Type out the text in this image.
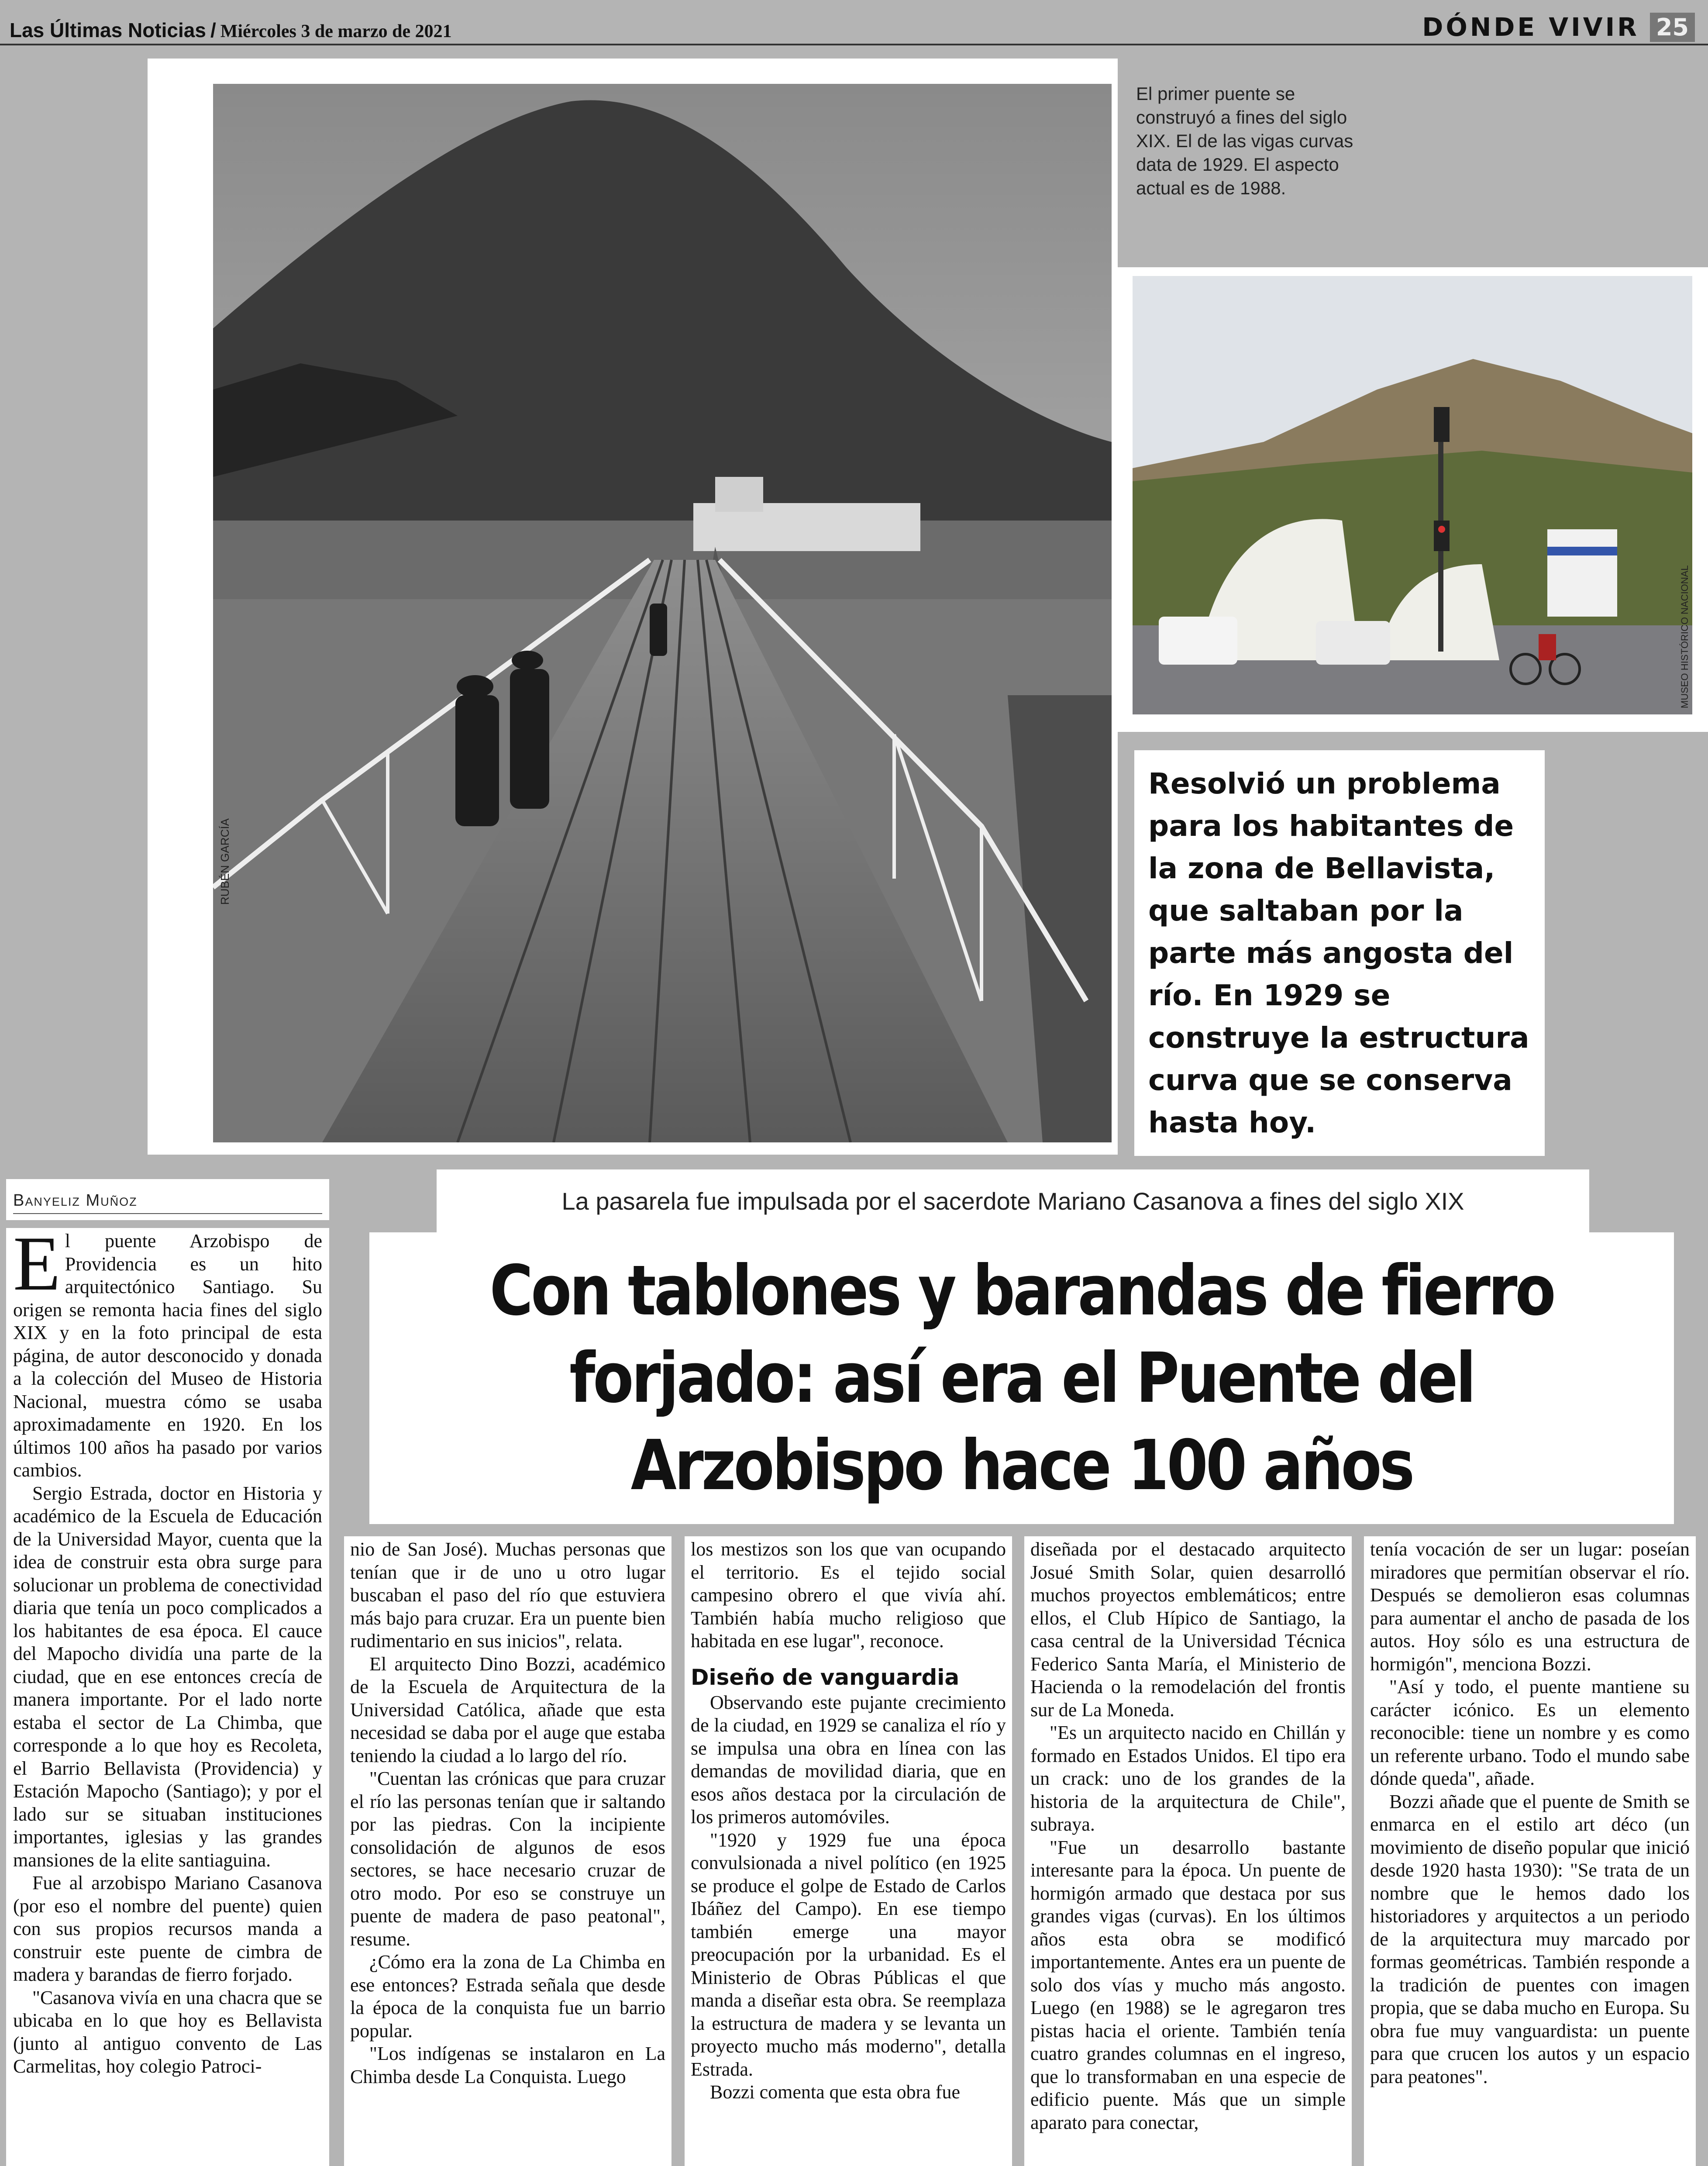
Las Últimas Noticias / Miércoles 3 de marzo de 2021	DÓNDE VIVIR 25
RUBÉN GARCÍA
El primer puente se construyó a fines del siglo XIX. El de las vigas curvas data de 1929. El aspecto actual es de 1988.
MUSEO HISTÓRICO NACIONAL
Resolvió un problema para los habitantes de la zona de Bellavista, que saltaban por la parte más angosta del río. En 1929 se construye la estructura curva que se conserva hasta hoy.
Banyeliz Muñoz	La pasarela fue impulsada por el sacerdote Mariano Casanova a fines del siglo XIX
Con tablones y barandas de fierro forjado: así era el Puente del Arzobispo hace 100 años

El puente Arzobispo de Providencia es un hito arquitectónico Santiago. Su origen se remonta hacia fines del siglo XIX y en la foto principal de esta página, de autor desconocido y donada a la colección del Museo de Historia Nacional, muestra cómo se usaba aproximadamente en 1920. En los últimos 100 años ha pasado por varios cambios.

Sergio Estrada, doctor en Historia y académico de la Escuela de Educación de la Universidad Mayor, cuenta que la idea de construir esta obra surge para solucionar un problema de conectividad diaria que tenía un poco complicados a los habitantes de esa época. El cauce del Mapocho dividía una parte de la ciudad, que en ese entonces crecía de manera importante. Por el lado norte estaba el sector de La Chimba, que corresponde a lo que hoy es Recoleta, el Barrio Bellavista (Providencia) y Estación Mapocho (Santiago); y por el lado sur se situaban instituciones importantes, iglesias y las grandes mansiones de la elite santiaguina.

Fue al arzobispo Mariano Casanova (por eso el nombre del puente) quien con sus propios recursos manda a construir este puente de cimbra de madera y barandas de fierro forjado.

"Casanova vivía en una chacra que se ubicaba en lo que hoy es Bellavista (junto al antiguo convento de Las Carmelitas, hoy colegio Patroci-

nio de San José). Muchas personas que tenían que ir de uno u otro lugar buscaban el paso del río que estuviera más bajo para cruzar. Era un puente bien rudimentario en sus inicios", relata.

El arquitecto Dino Bozzi, académico de la Escuela de Arquitectura de la Universidad Católica, añade que esta necesidad se daba por el auge que estaba teniendo la ciudad a lo largo del río.

"Cuentan las crónicas que para cruzar el río las personas tenían que ir saltando por las piedras. Con la incipiente consolidación de algunos de esos sectores, se hace necesario cruzar de otro modo. Por eso se construye un puente de madera de paso peatonal", resume.

¿Cómo era la zona de La Chimba en ese entonces? Estrada señala que desde la época de la conquista fue un barrio popular.

"Los indígenas se instalaron en La Chimba desde La Conquista. Luego

los mestizos son los que van ocupando el territorio. Es el tejido social campesino obrero el que vivía ahí. También había mucho religioso que habitada en ese lugar", reconoce.

Diseño de vanguardia

Observando este pujante crecimiento de la ciudad, en 1929 se canaliza el río y se impulsa una obra en línea con las demandas de movilidad diaria, que en esos años destaca por la circulación de los primeros automóviles.

"1920 y 1929 fue una época convulsionada a nivel político (en 1925 se produce el golpe de Estado de Carlos Ibáñez del Campo). En ese tiempo también emerge una mayor preocupación por la urbanidad. Es el Ministerio de Obras Públicas el que manda a diseñar esta obra. Se reemplaza la estructura de madera y se levanta un proyecto mucho más moderno", detalla Estrada.

Bozzi comenta que esta obra fue

diseñada por el destacado arquitecto Josué Smith Solar, quien desarrolló muchos proyectos emblemáticos; entre ellos, el Club Hípico de Santiago, la casa central de la Universidad Técnica Federico Santa María, el Ministerio de Hacienda o la remodelación del frontis sur de La Moneda.

"Es un arquitecto nacido en Chillán y formado en Estados Unidos. El tipo era un crack: uno de los grandes de la historia de la arquitectura de Chile", subraya.

"Fue un desarrollo bastante interesante para la época. Un puente de hormigón armado que destaca por sus grandes vigas (curvas). En los últimos años esta obra se modificó importantemente. Antes era un puente de solo dos vías y mucho más angosto. Luego (en 1988) se le agregaron tres pistas hacia el oriente. También tenía cuatro grandes columnas en el ingreso, que lo transformaban en una especie de edificio puente. Más que un simple aparato para conectar,

tenía vocación de ser un lugar: poseían miradores que permitían observar el río. Después se demolieron esas columnas para aumentar el ancho de pasada de los autos. Hoy sólo es una estructura de hormigón", menciona Bozzi.

"Así y todo, el puente mantiene su carácter icónico. Es un elemento reconocible: tiene un nombre y es como un referente urbano. Todo el mundo sabe dónde queda", añade.

Bozzi añade que el puente de Smith se enmarca en el estilo art déco (un movimiento de diseño popular que inició desde 1920 hasta 1930): "Se trata de un nombre que le hemos dado los historiadores y arquitectos a un periodo de la arquitectura muy marcado por formas geométricas. También responde a la tradición de puentes con imagen propia, que se daba mucho en Europa. Su obra fue muy vanguardista: un puente para que crucen los autos y un espacio para peatones".
